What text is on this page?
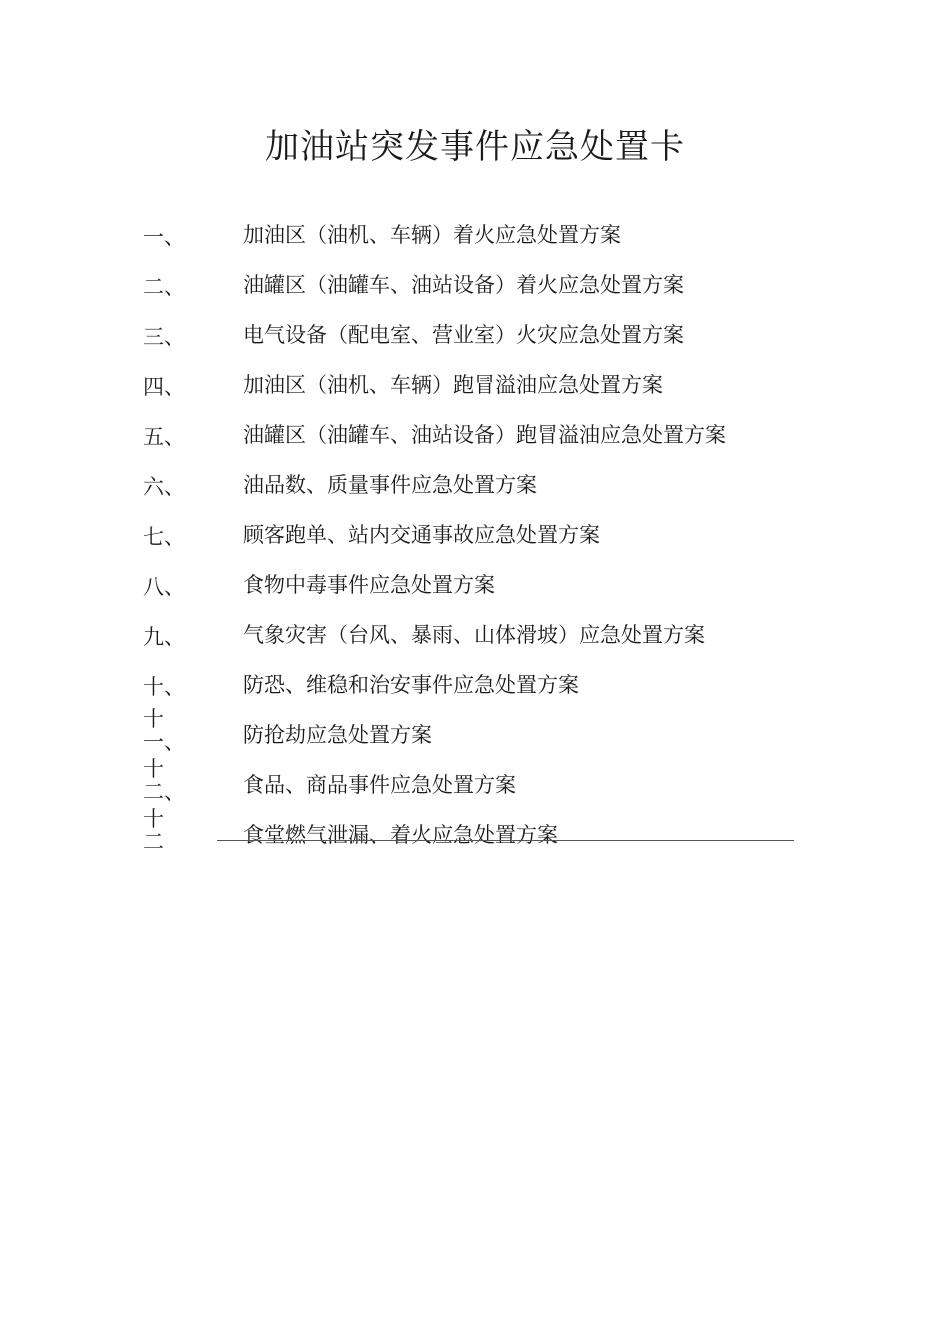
加油站突发事件应急处置卡
一、	加油区（油机、车辆）着火应急处置方案
二、	油罐区（油罐车、油站设备）着火应急处置方案
三、	电气设备（配电室、营业室）火灾应急处置方案
四、	加油区（油机、车辆）跑冒溢油应急处置方案
五、	油罐区（油罐车、油站设备）跑冒溢油应急处置方案
六、	油品数、质量事件应急处置方案
七、	顾客跑单、站内交通事故应急处置方案
八、	食物中毒事件应急处置方案
九、	气象灾害（台风、暴雨、山体滑坡）应急处置方案
十、	防恐、维稳和治安事件应急处置方案
十一、	防抢劫应急处置方案
十二、	食品、商品事件应急处置方案
十二	食堂燃气泄漏、着火应急处置方案
